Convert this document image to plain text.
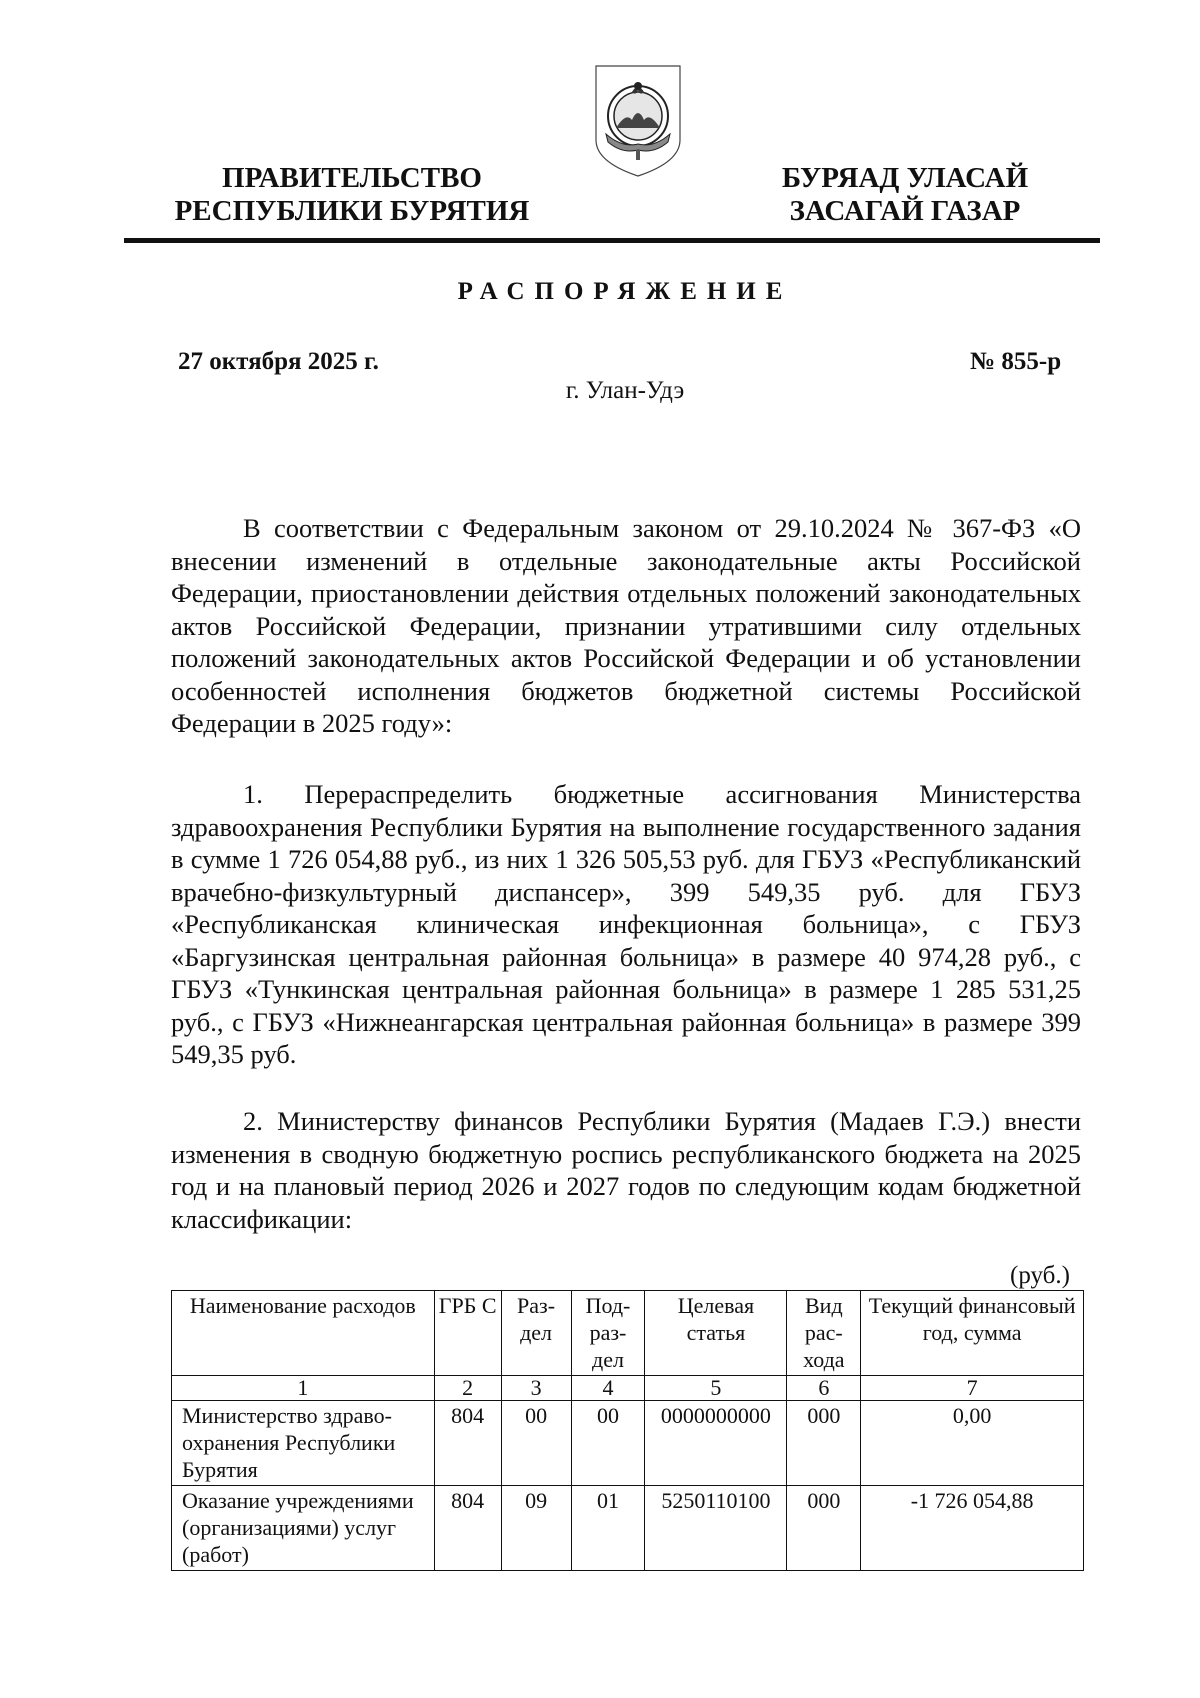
ПРАВИТЕЛЬСТВО
РЕСПУБЛИКИ БУРЯТИЯ
БУРЯАД УЛАСАЙ
ЗАСАГАЙ ГАЗАР
РАСПОРЯЖЕНИЕ
27 октября 2025 г.	№ 855-р
г. Улан-Удэ

В соответствии с Федеральным законом от 29.10.2024 № 367-ФЗ «О внесении изменений в отдельные законодательные акты Российской Федерации, приостановлении действия отдельных положений законодательных актов Российской Федерации, признании утратившими силу отдельных положений законодательных актов Российской Федерации и об установлении особенностей исполнения бюджетов бюджетной системы Российской Федерации в 2025 году»:

1. Перераспределить бюджетные ассигнования Министерства здравоохранения Республики Бурятия на выполнение государственного задания в сумме 1 726 054,88 руб., из них 1 326 505,53 руб. для ГБУЗ «Республиканский врачебно-физкультурный диспансер», 399 549,35 руб. для ГБУЗ «Республиканская клиническая инфекционная больница», с ГБУЗ «Баргузинская центральная районная больница» в размере 40 974,28 руб., с ГБУЗ «Тункинская центральная районная больница» в размере 1 285 531,25 руб., с ГБУЗ «Нижнеангарская центральная районная больница» в размере 399 549,35 руб.

2. Министерству финансов Республики Бурятия (Мадаев Г.Э.) внести изменения в сводную бюджетную роспись республиканского бюджета на 2025 год и на плановый период 2026 и 2027 годов по следующим кодам бюджетной классификации:

(руб.)
Наименование расходов	ГРБ С	Раз- дел	Под- раз- дел	Целевая статья	Вид рас- хода	Текущий финансовый год, сумма
1	2	3	4	5	6	7
Министерство здраво- охранения Республики Бурятия	804	00	00	0000000000	000	0,00
Оказание учреждениями (организациями) услуг (работ)	804	09	01	5250110100	000	-1 726 054,88
